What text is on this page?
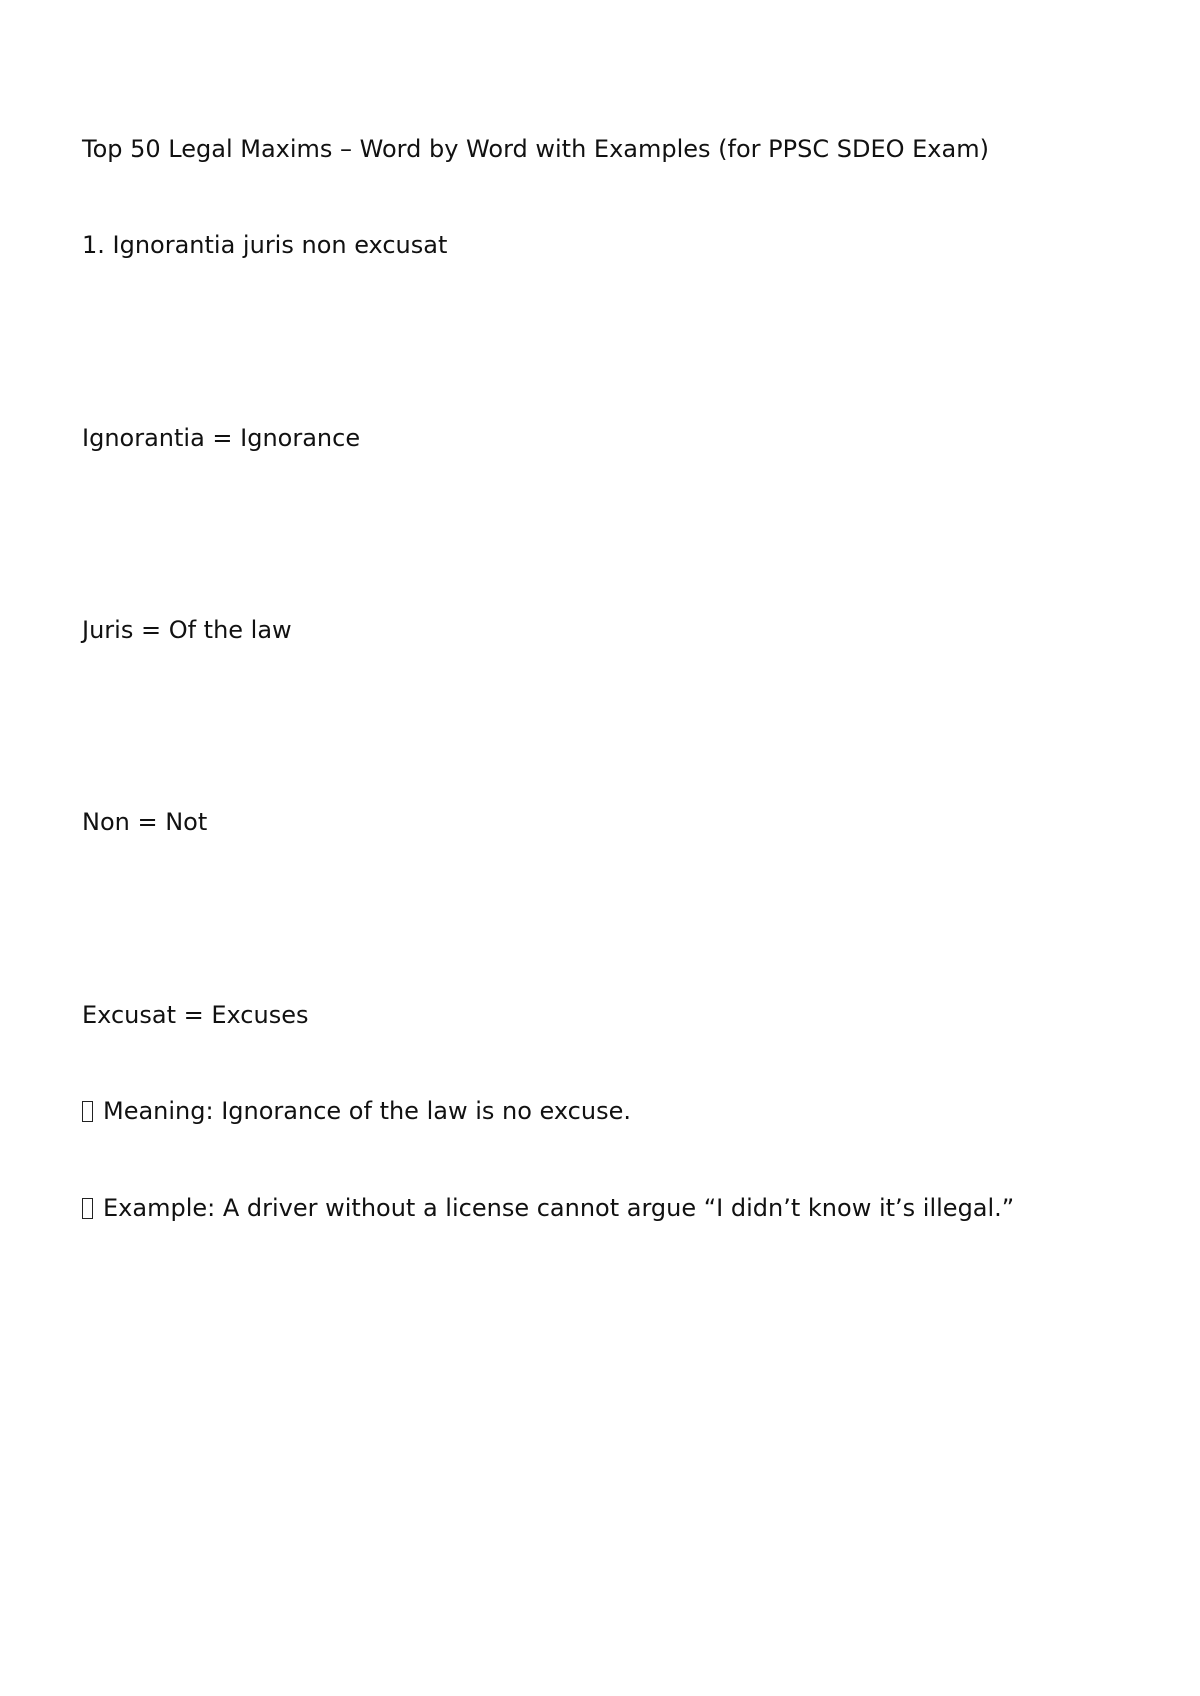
Top 50 Legal Maxims – Word by Word with Examples (for PPSC SDEO Exam)

1. Ignorantia juris non excusat

Ignorantia = Ignorance

Juris = Of the law

Non = Not

Excusat = Excuses

Meaning: Ignorance of the law is no excuse.

Example: A driver without a license cannot argue “I didn’t know it’s illegal.”
